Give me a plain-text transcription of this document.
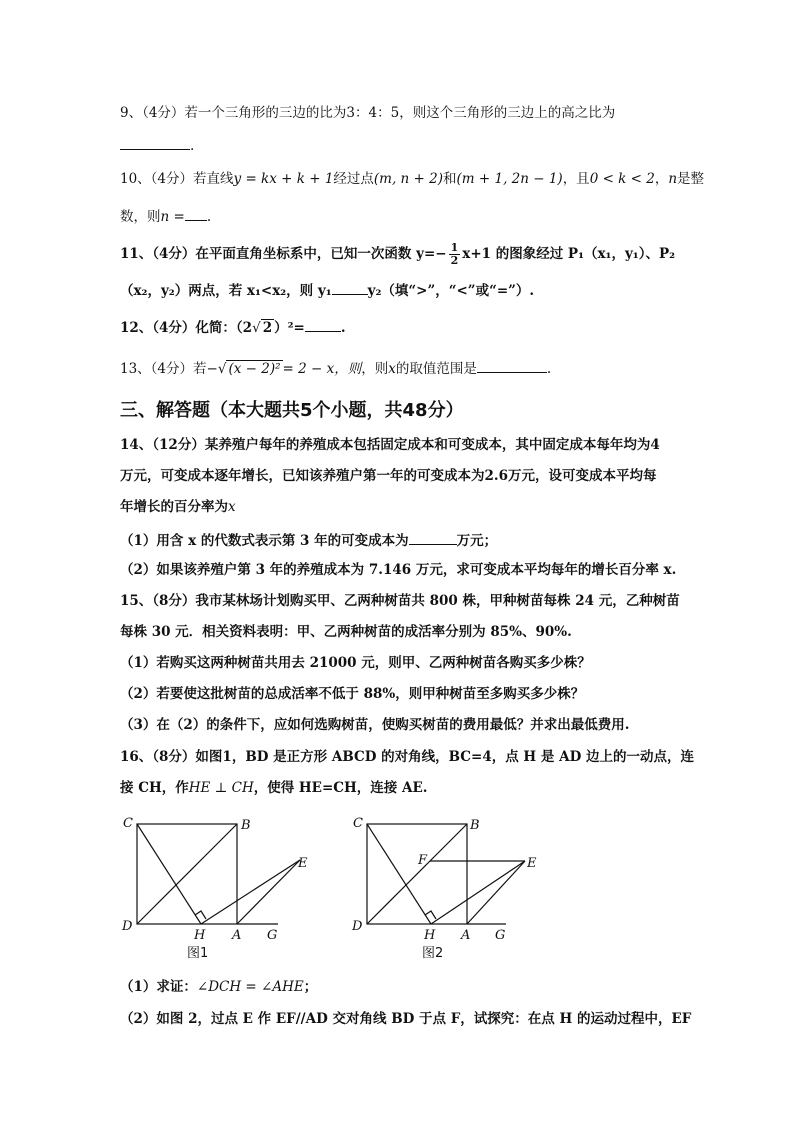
9、（4分）若一个三角形的三边的比为3：4：5，则这个三角形的三边上的高之比为
.
10、（4分）若直线y = kx + k + 1经过点(m, n + 2)和(m + 1, 2n − 1)，且0 < k < 2，n是整
数，则n = .
11、（4分）在平面直角坐标系中，已知一次函数 $y=- \frac{1}{2} x+1$ 的图象经过 P₁（x₁，y₁）、P₂
（x₂，y₂）两点，若 x₁<x₂，则 y₁	y₂（填“>”，“<”或“=”）.
12、（4分）化简：（2√ 2 ）²=	.
13、（4分）若−√ (x − 2)² = 2 − x，则，则x的取值范围是	.
三、解答题（本大题共5个小题，共48分）
14、（12分）某养殖户每年的养殖成本包括固定成本和可变成本，其中固定成本每年均为4
万元，可变成本逐年增长，已知该养殖户第一年的可变成本为2.6万元，设可变成本平均每
年增长的百分率为x
（1）用含 x 的代数式表示第 3 年的可变成本为	万元；
（2）如果该养殖户第 3 年的养殖成本为 7.146 万元，求可变成本平均每年的增长百分率 x.
15、（8分）我市某林场计划购买甲、乙两种树苗共 800 株，甲种树苗每株 24 元，乙种树苗
每株 30 元．相关资料表明：甲、乙两种树苗的成活率分别为 85%、90%.
（1）若购买这两种树苗共用去 21000 元，则甲、乙两种树苗各购买多少株？
（2）若要使这批树苗的总成活率不低于 88%，则甲种树苗至多购买多少株？
（3）在（2）的条件下，应如何选购树苗，使购买树苗的费用最低？并求出最低费用.
16、（8分）如图1，BD 是正方形 ABCD 的对角线，BC=4，点 H 是 AD 边上的一动点，连
接 CH，作HE ⊥ CH，使得 HE=CH，连接 AE.
C	B
E
D
H A G
图1
C	B
F	E
D
H A G
图2
（1）求证：∠DCH = ∠AHE；
（2）如图 2，过点 E 作 EF//AD 交对角线 BD 于点 F，试探究：在点 H 的运动过程中，EF
